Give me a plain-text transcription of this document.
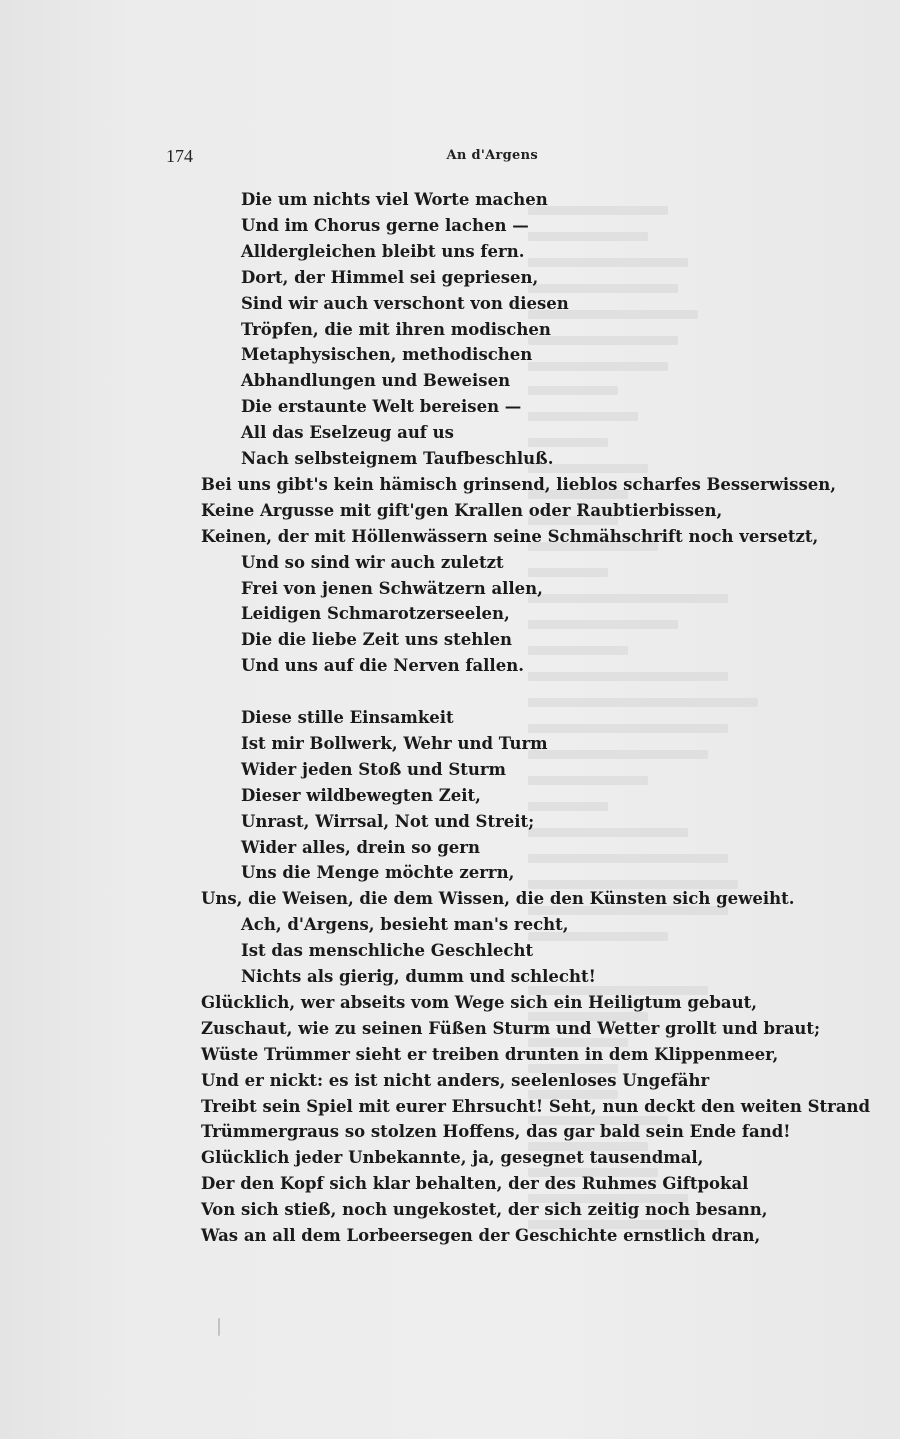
174	An d'Argens
Die um nichts viel Worte machen
Und im Chorus gerne lachen —
Alldergleichen bleibt uns fern.
Dort, der Himmel sei gepriesen,
Sind wir auch verschont von diesen
Tröpfen, die mit ihren modischen
Metaphysischen, methodischen
Abhandlungen und Beweisen
Die erstaunte Welt bereisen —
All das Eselzeug auf us
Nach selbsteignem Taufbeschluß.
Bei uns gibt's kein hämisch grinsend, lieblos scharfes Besserwissen,
Keine Argusse mit gift'gen Krallen oder Raubtierbissen,
Keinen, der mit Höllenwässern seine Schmähschrift noch versetzt,
Und so sind wir auch zuletzt
Frei von jenen Schwätzern allen,
Leidigen Schmarotzerseelen,
Die die liebe Zeit uns stehlen
Und uns auf die Nerven fallen.
Diese stille Einsamkeit
Ist mir Bollwerk, Wehr und Turm
Wider jeden Stoß und Sturm
Dieser wildbewegten Zeit,
Unrast, Wirrsal, Not und Streit;
Wider alles, drein so gern
Uns die Menge möchte zerrn,
Uns, die Weisen, die dem Wissen, die den Künsten sich geweiht.
Ach, d'Argens, besieht man's recht,
Ist das menschliche Geschlecht
Nichts als gierig, dumm und schlecht!
Glücklich, wer abseits vom Wege sich ein Heiligtum gebaut,
Zuschaut, wie zu seinen Füßen Sturm und Wetter grollt und braut;
Wüste Trümmer sieht er treiben drunten in dem Klippenmeer,
Und er nickt: es ist nicht anders, seelenloses Ungefähr
Treibt sein Spiel mit eurer Ehrsucht! Seht, nun deckt den weiten Strand
Trümmergraus so stolzen Hoffens, das gar bald sein Ende fand!
Glücklich jeder Unbekannte, ja, gesegnet tausendmal,
Der den Kopf sich klar behalten, der des Ruhmes Giftpokal
Von sich stieß, noch ungekostet, der sich zeitig noch besann,
Was an all dem Lorbeersegen der Geschichte ernstlich dran,
